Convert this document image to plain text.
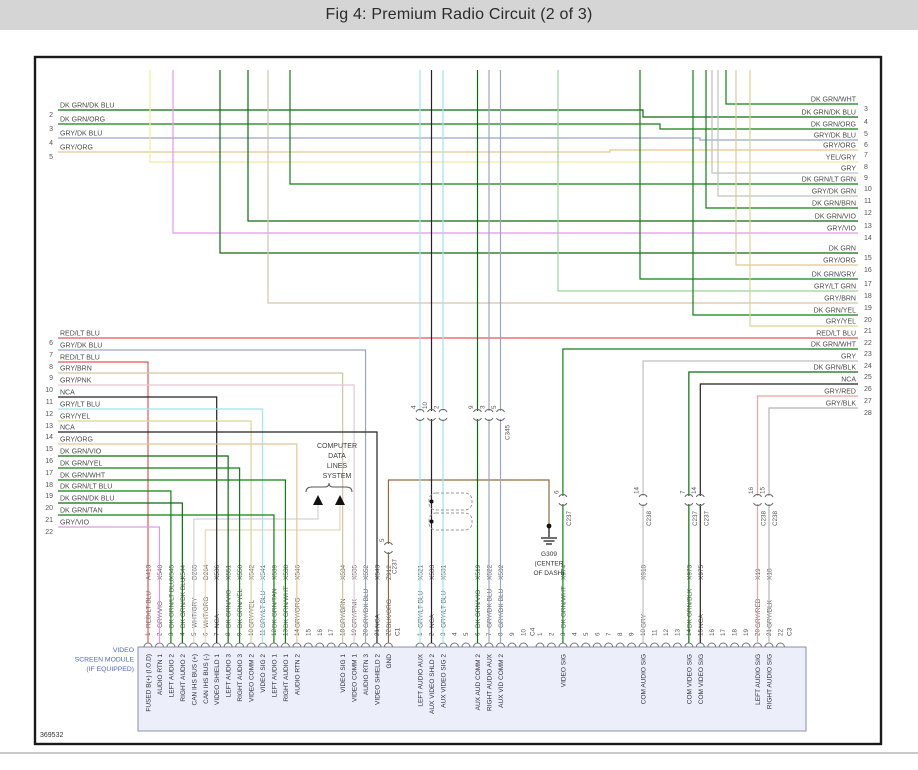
Fig 4: Premium Radio Circuit (2 of 3)
369532
VIDEO
SCREEN MODULE
(IF EQUIPPED)
1 2 3 4 5 6 7 8 9 10 11 12 13 14 15 16 17 18 19 20 21 22 C1
FUSED B(+) (I.O.D)
RED/LT BLU
A413
AUDIO RTN 1
GRY/VIO
X540
LEFT AUDIO 2
DK GRN/LT BLU
X545
RIGHT AUDIO 2
DK GRN/DK BLU
X544
CAN IHS BUS (+)
WHT/GRY
D265
CAN IHS BUS (-)
WHT/ORG
D264
VIDEO SHIELD 1
NCA
X536
LEFT AUDIO 3
DK GRN/VIO
X551
RIGHT AUDIO 3
DK GRN/YEL
X550
VIDEO COMM 2
GRY/YEL
X542
VIDEO SIG 2
GRY/LT BLU
X541
LEFT AUDIO 1
DK GRN/TAN
X539
RIGHT AUDIO 1
DK GRN/WHT
X538
AUDIO RTN 2
GRY/ORG
X546
VIDEO SIG 1
GRY/BRN
X534
VIDEO COMM 1
GRY/PNK
X535
AUDIO RTN 3
GRY/DK BLU
X552
VIDEO SHIELD 2
NCA
X543
GND
BLK/ORG
Z912
1 2 3 4 5 6 7 8 9 10 C4
LEFT AUDIO AUX
GRY/LT BLU
X521
AUX VIDEO SHLD 2
NCA
X533
AUX VIDEO SIG 2
GRY/LT BLU
X531
AUX AUD COMM 2
DK GRN/VIO
X519
RIGHT AUDIO AUX
GRY/DK BLU
X522
AUX VID COMM 2
GRY/DK BLU
X532
1 2 3 4 5 6 7 8 9 10 11 12 13 14 15 16 17 18 19 20 21 22 C3
VIDEO SIG
DK GRN/WHT
X974
COM AUDIO SIG
GRY
X918
COM VIDEO SIG
DK GRN/BLK
X973
COM VIDEO SIG
NCA
X975
LEFT AUDIO SIG
GRY/RED
X19
RIGHT AUDIO SIG
GRY/BLK
X18
2
DK GRN/DK BLU
3
DK GRN/ORG
4
GRY/DK BLU
5
GRY/ORG
6
RED/LT BLU
7
GRY/DK BLU
8
RED/LT BLU
9
GRY/BRN
10
GRY/PNK
11
NCA
12
GRY/LT BLU
13
GRY/YEL
14
NCA
15
GRY/ORG
16
DK GRN/VIO
17
DK GRN/YEL
18
DK GRN/WHT
19
DK GRN/LT BLU
20
DK GRN/DK BLU
21
DK GRN/TAN
22
GRY/VIO
3
DK GRN/WHT
4
DK GRN/DK BLU
5
DK GRN/ORG
6
GRY/DK BLU
7
GRY/ORG
8
YEL/GRY
9
GRY
10
DK GRN/LT GRN
11
GRY/DK GRN
12
DK GRN/BRN
13
DK GRN/VIO
14
GRY/VIO
15
DK GRN
16
GRY/ORG
17
DK GRN/GRY
18
GRY/LT GRN
19
GRY/BRN
20
DK GRN/YEL
21
GRY/YEL
22
RED/LT BLU
23
DK GRN/WHT
24
GRY
25
DK GRN/BLK
26
NCA
27
GRY/RED
28
GRY/BLK
5
C237
6
C237
14
C238
7
C237
14
C237
16
C238
15
C238
4 10 2	9 3 5
C345
COMPUTER
DATA
LINES
SYSTEM
G309
(CENTER
OF DASH)
